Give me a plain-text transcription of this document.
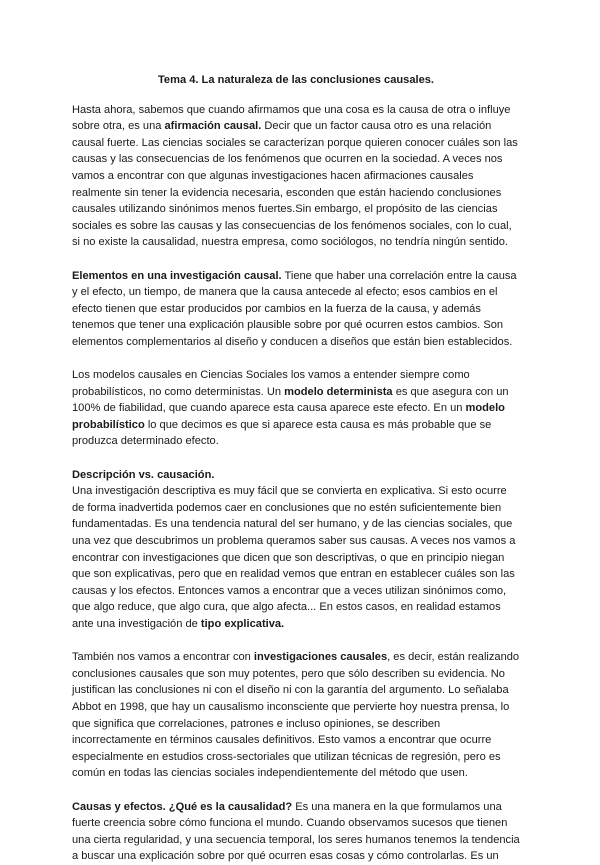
Tema 4. La naturaleza de las conclusiones causales.

Hasta ahora, sabemos que cuando afirmamos que una cosa es la causa de otra o influye sobre otra, es una afirmación causal. Decir que un factor causa otro es una relación causal fuerte. Las ciencias sociales se caracterizan porque quieren conocer cuáles son las causas y las consecuencias de los fenómenos que ocurren en la sociedad. A veces nos vamos a encontrar con que algunas investigaciones hacen afirmaciones causales realmente sin tener la evidencia necesaria, esconden que están haciendo conclusiones causales utilizando sinónimos menos fuertes.Sin embargo, el propósito de las ciencias sociales es sobre las causas y las consecuencias de los fenómenos sociales, con lo cual, si no existe la causalidad, nuestra empresa, como sociólogos, no tendría ningún sentido.

Elementos en una investigación causal. Tiene que haber una correlación entre la causa y el efecto, un tiempo, de manera que la causa antecede al efecto; esos cambios en el efecto tienen que estar producidos por cambios en la fuerza de la causa, y además tenemos que tener una explicación plausible sobre por qué ocurren estos cambios. Son elementos complementarios al diseño y conducen a diseños que están bien establecidos.

Los modelos causales en Ciencias Sociales los vamos a entender siempre como probabilísticos, no como deterministas. Un modelo determinista es que asegura con un 100% de fiabilidad, que cuando aparece esta causa aparece este efecto. En un modelo probabilístico lo que decimos es que si aparece esta causa es más probable que se produzca determinado efecto.

Descripción vs. causación.
Una investigación descriptiva es muy fácil que se convierta en explicativa. Si esto ocurre de forma inadvertida podemos caer en conclusiones que no estén suficientemente bien fundamentadas. Es una tendencia natural del ser humano, y de las ciencias sociales, que una vez que descubrimos un problema queramos saber sus causas. A veces nos vamos a encontrar con investigaciones que dicen que son descriptivas, o que en principio niegan que son explicativas, pero que en realidad vemos que entran en establecer cuáles son las causas y los efectos. Entonces vamos a encontrar que a veces utilizan sinónimos como, que algo reduce, que algo cura, que algo afecta... En estos casos, en realidad estamos ante una investigación de tipo explicativa.

También nos vamos a encontrar con investigaciones causales, es decir, están realizando conclusiones causales que son muy potentes, pero que sólo describen su evidencia. No justifican las conclusiones ni con el diseño ni con la garantía del argumento. Lo señalaba Abbot en 1998, que hay un causalismo inconsciente que pervierte hoy nuestra prensa, lo que significa que correlaciones, patrones e incluso opiniones, se describen incorrectamente en términos causales definitivos. Esto vamos a encontrar que ocurre especialmente en estudios cross-sectoriales que utilizan técnicas de regresión, pero es común en todas las ciencias sociales independientemente del método que usen.

Causas y efectos. ¿Qué es la causalidad? Es una manera en la que formulamos una fuerte creencia sobre cómo funciona el mundo. Cuando observamos sucesos que tienen una cierta regularidad, y una secuencia temporal, los seres humanos tenemos la tendencia a buscar una explicación sobre por qué ocurren esas cosas y cómo controlarlas. Es un
